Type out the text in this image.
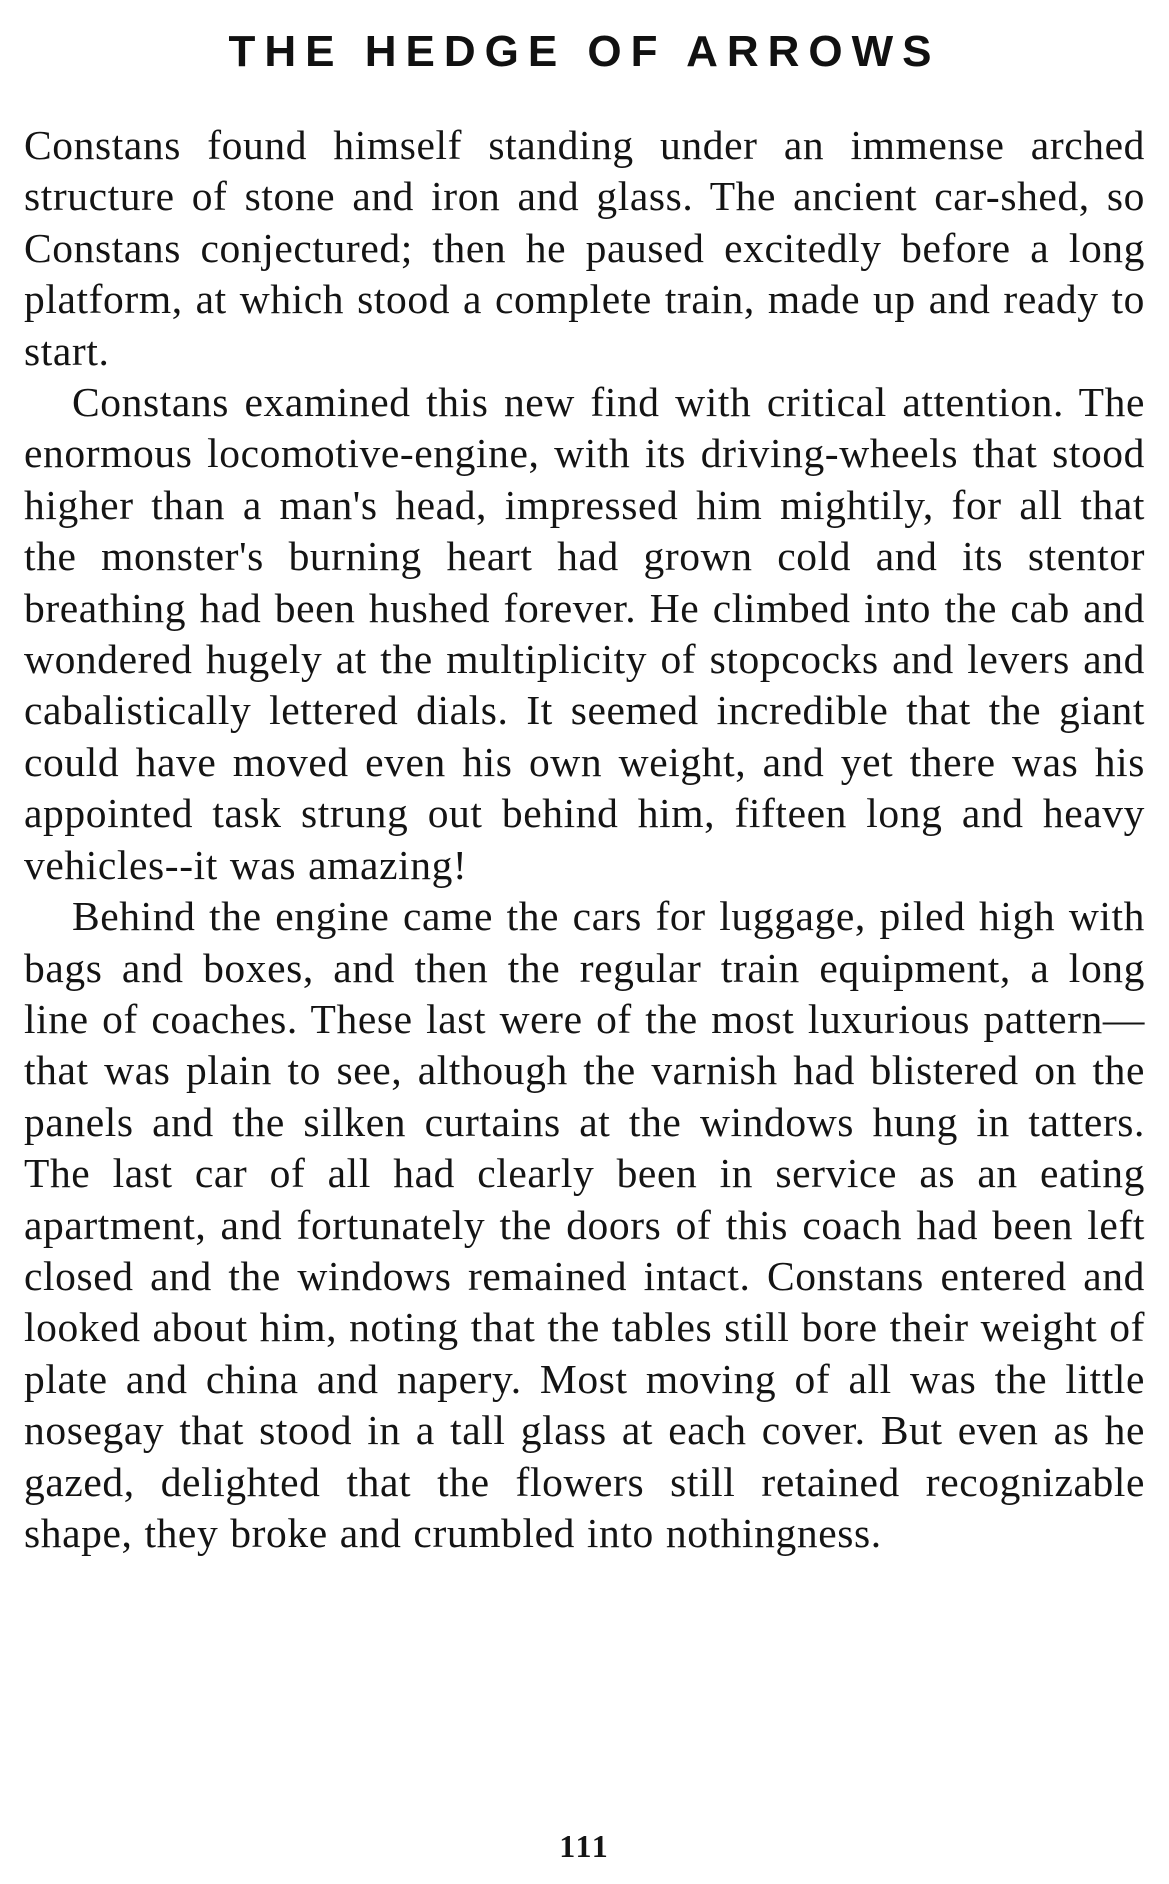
THE HEDGE OF ARROWS

Constans found himself standing under an immense arched structure of stone and iron and glass. The ancient car-shed, so Constans conjectured; then he paused excitedly before a long platform, at which stood a complete train, made up and ready to start.

Constans examined this new find with critical attention. The enormous locomotive-engine, with its driving-wheels that stood higher than a man's head, impressed him mightily, for all that the monster's burning heart had grown cold and its stentor breathing had been hushed forever. He climbed into the cab and wondered hugely at the multiplicity of stopcocks and levers and cabalistically lettered dials. It seemed incredible that the giant could have moved even his own weight, and yet there was his appointed task strung out behind him, fifteen long and heavy vehicles--it was amazing!

Behind the engine came the cars for luggage, piled high with bags and boxes, and then the regular train equipment, a long line of coaches. These last were of the most luxurious pattern—that was plain to see, although the varnish had blistered on the panels and the silken curtains at the windows hung in tatters. The last car of all had clearly been in service as an eating apartment, and fortunately the doors of this coach had been left closed and the windows remained intact. Constans entered and looked about him, noting that the tables still bore their weight of plate and china and napery. Most moving of all was the little nosegay that stood in a tall glass at each cover. But even as he gazed, delighted that the flowers still retained recognizable shape, they broke and crumbled into nothingness.

111
